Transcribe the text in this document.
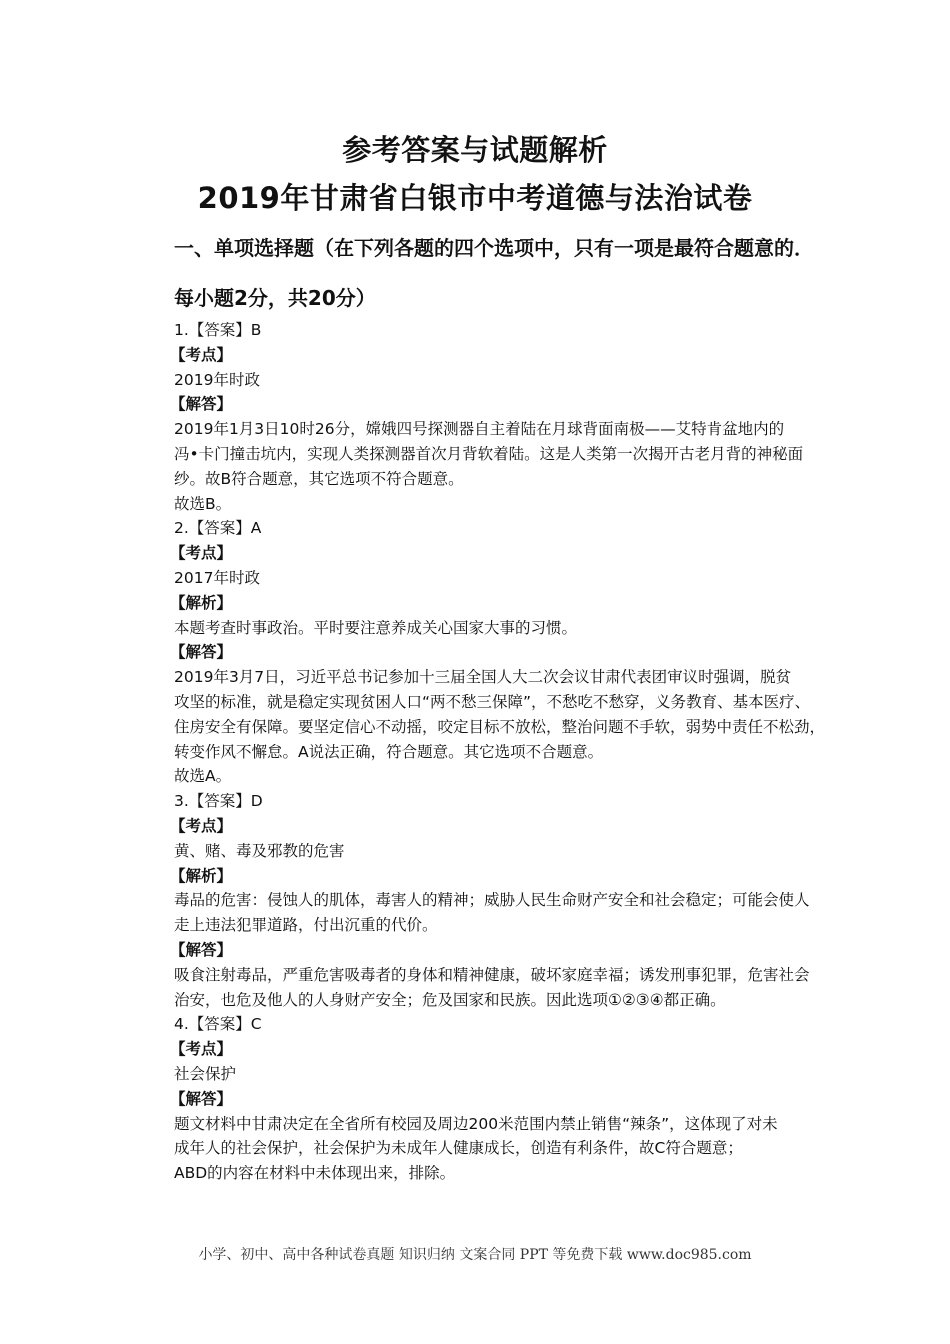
参考答案与试题解析
2019年甘肃省白银市中考道德与法治试卷
一、单项选择题（在下列各题的四个选项中，只有一项是最符合题意的．
每小题2分，共20分）
1.【答案】B
【考点】
2019年时政
【解答】
2019年1月3日10时26分，嫦娥四号探测器自主着陆在月球背面南极——艾特肯盆地内的
冯•卡门撞击坑内，实现人类探测器首次月背软着陆。这是人类第一次揭开古老月背的神秘面
纱。故B符合题意，其它选项不符合题意。
故选B。
2.【答案】A
【考点】
2017年时政
【解析】
本题考查时事政治。平时要注意养成关心国家大事的习惯。
【解答】
2019年3月7日，习近平总书记参加十三届全国人大二次会议甘肃代表团审议时强调，脱贫
攻坚的标准，就是稳定实现贫困人口“两不愁三保障”，不愁吃不愁穿，义务教育、基本医疗、
住房安全有保障。要坚定信心不动摇，咬定目标不放松，整治问题不手软，弱势中责任不松劲，
转变作风不懈怠。A说法正确，符合题意。其它选项不合题意。
故选A。
3.【答案】D
【考点】
黄、赌、毒及邪教的危害
【解析】
毒品的危害：侵蚀人的肌体，毒害人的精神；威胁人民生命财产安全和社会稳定；可能会使人
走上违法犯罪道路，付出沉重的代价。
【解答】
吸食注射毒品，严重危害吸毒者的身体和精神健康，破坏家庭幸福；诱发刑事犯罪，危害社会
治安，也危及他人的人身财产安全；危及国家和民族。因此选项①②③④都正确。
4.【答案】C
【考点】
社会保护
【解答】
题文材料中甘肃决定在全省所有校园及周边200米范围内禁止销售“辣条”，这体现了对未
成年人的社会保护，社会保护为未成年人健康成长，创造有利条件，故C符合题意；
ABD的内容在材料中未体现出来，排除。
小学、初中、高中各种试卷真题 知识归纳 文案合同 PPT 等免费下载 www.doc985.com
